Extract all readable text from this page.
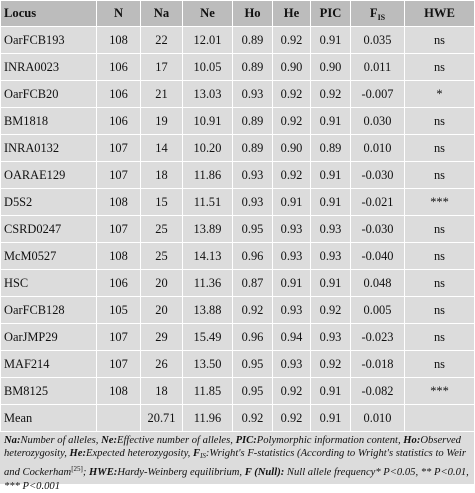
Locus	N	Na	Ne	Ho	He	PIC	$F_{IS}$	HWE	
OarFCB193	108	22	12.01	0.89	0.92	0.91	0.035	ns	
INRA0023	106	17	10.05	0.89	0.90	0.90	0.011	ns	
OarFCB20	106	21	13.03	0.93	0.92	0.92	-0.007	*	
BM1818	106	19	10.91	0.89	0.92	0.91	0.030	ns	
INRA0132	107	14	10.20	0.89	0.90	0.89	0.010	ns	
OARAE129	107	18	11.86	0.93	0.92	0.91	-0.030	ns	
D5S2	108	15	11.51	0.93	0.91	0.91	-0.021	***	
CSRD0247	107	25	13.89	0.95	0.93	0.93	-0.030	ns	
McM0527	108	25	14.13	0.96	0.93	0.93	-0.040	ns	
HSC	106	20	11.36	0.87	0.91	0.91	0.048	ns	
OarFCB128	105	20	13.88	0.92	0.93	0.92	0.005	ns	
OarJMP29	107	29	15.49	0.96	0.94	0.93	-0.023	ns	
MAF214	107	26	13.50	0.95	0.93	0.92	-0.018	ns	
BM8125	108	18	11.85	0.95	0.92	0.91	-0.082	***	
Mean		20.71	11.96	0.92	0.92	0.91	0.010		
Na:Number of alleles, Ne:Effective number of alleles, PIC:Polymorphic information content, Ho:Observed heterozygosity, He:Expected heterozygosity, $F_{IS}:Wright's$ F-statistics (According to Wright's statistics to Weir and Cockerham[25]; HWE:Hardy-Weinberg equilibrium, F (Null): Null allele frequency* P<0.05, ** P<0.01, *** P<0.001
